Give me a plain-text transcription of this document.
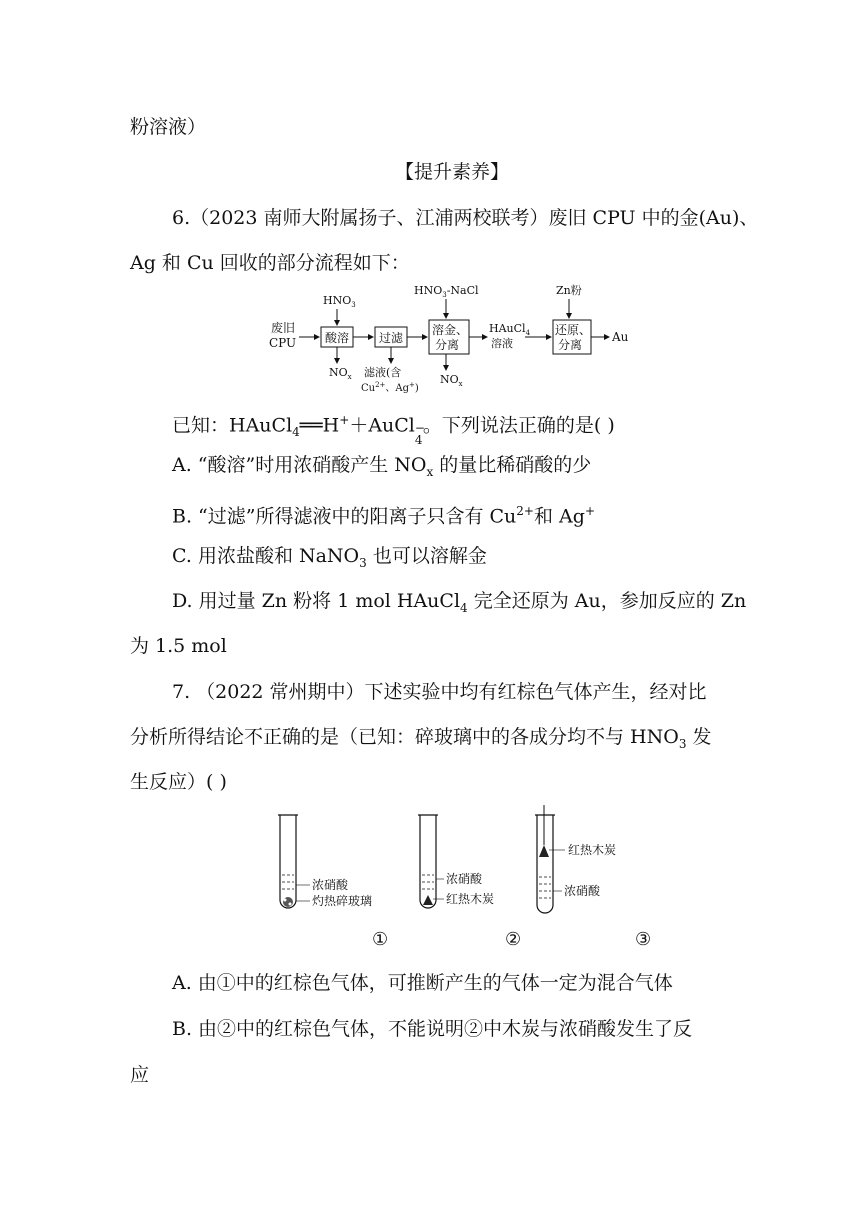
粉溶液）
【提升素养】
6.（2023 南师大附属扬子、江浦两校联考）废旧 CPU 中的金(Au)、
Ag 和 Cu 回收的部分流程如下：
废旧
CPU 酸溶
$HNO_3$
$NO_x$
过滤
滤液(含
$Cu^{2+}$、Ag+)
溶金、
分离
$HNO_3$-NaCl
$NO_x$
HAuCl$_4$
溶液
还原、
分离
Zn粉
Au
已知：HAuCl$_4$══H+＋AuCl −
4
。下列说法正确的是( )
A. “酸溶”时用浓硝酸产生 $NO_x$ 的量比稀硝酸的少
B. “过滤”所得滤液中的阳离子只含有 $Cu^{2+}$和 Ag+
C. 用浓盐酸和 NaNO$_3$ 也可以溶解金
D. 用过量 Zn 粉将 1 mol HAuCl$_4$ 完全还原为 Au，参加反应的 Zn
为 1.5 mol
7. （2022 常州期中）下述实验中均有红棕色气体产生，经对比
分析所得结论不正确的是（已知：碎玻璃中的各成分均不与 $HNO_3$ 发
生反应）( )
浓硝酸
灼热碎玻璃
浓硝酸
红热木炭
红热木炭
浓硝酸
①	②	③
A. 由①中的红棕色气体，可推断产生的气体一定为混合气体
B. 由②中的红棕色气体，不能说明②中木炭与浓硝酸发生了反
应
